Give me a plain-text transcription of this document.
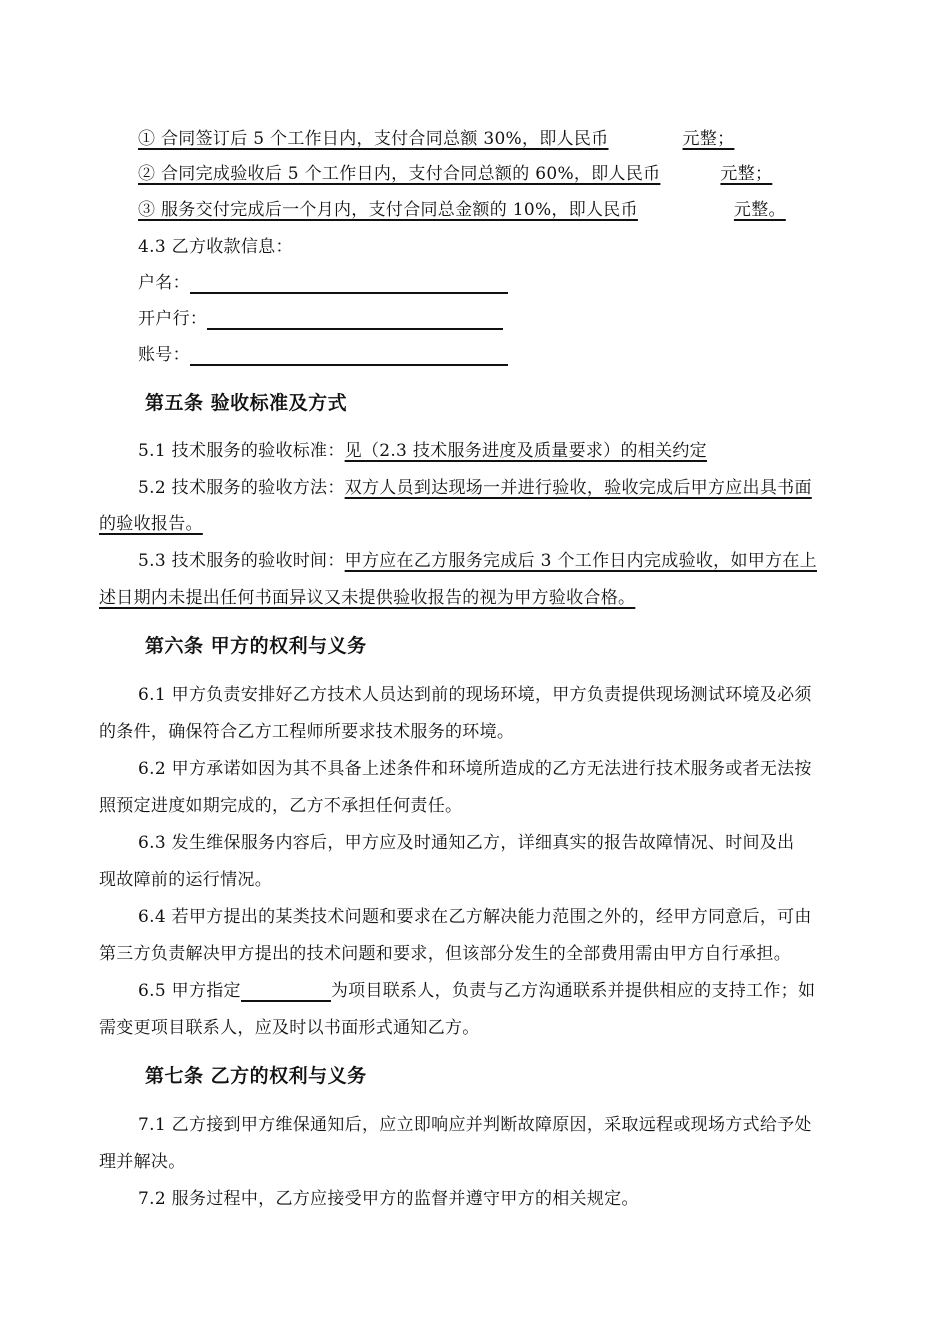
① 合同签订后 5 个工作日内，支付合同总额 30%，即人民币	元整；
② 合同完成验收后 5 个工作日内，支付合同总额的 60%，即人民币	元整；
③ 服务交付完成后一个月内，支付合同总金额的 10%，即人民币	元整。
4.3 乙方收款信息：
户名：
开户行：
账号：
第五条 验收标准及方式
5.1 技术服务的验收标准：见（2.3 技术服务进度及质量要求）的相关约定
5.2 技术服务的验收方法：双方人员到达现场一并进行验收，验收完成后甲方应出具书面
的验收报告。
5.3 技术服务的验收时间：甲方应在乙方服务完成后 3 个工作日内完成验收，如甲方在上
述日期内未提出任何书面异议又未提供验收报告的视为甲方验收合格。
第六条 甲方的权利与义务
6.1 甲方负责安排好乙方技术人员达到前的现场环境，甲方负责提供现场测试环境及必须
的条件，确保符合乙方工程师所要求技术服务的环境。
6.2 甲方承诺如因为其不具备上述条件和环境所造成的乙方无法进行技术服务或者无法按
照预定进度如期完成的，乙方不承担任何责任。
6.3 发生维保服务内容后，甲方应及时通知乙方，详细真实的报告故障情况、时间及出
现故障前的运行情况。
6.4 若甲方提出的某类技术问题和要求在乙方解决能力范围之外的，经甲方同意后，可由
第三方负责解决甲方提出的技术问题和要求，但该部分发生的全部费用需由甲方自行承担。
6.5 甲方指定	为项目联系人，负责与乙方沟通联系并提供相应的支持工作；如
需变更项目联系人，应及时以书面形式通知乙方。
第七条 乙方的权利与义务
7.1 乙方接到甲方维保通知后，应立即响应并判断故障原因，采取远程或现场方式给予处
理并解决。
7.2 服务过程中，乙方应接受甲方的监督并遵守甲方的相关规定。
